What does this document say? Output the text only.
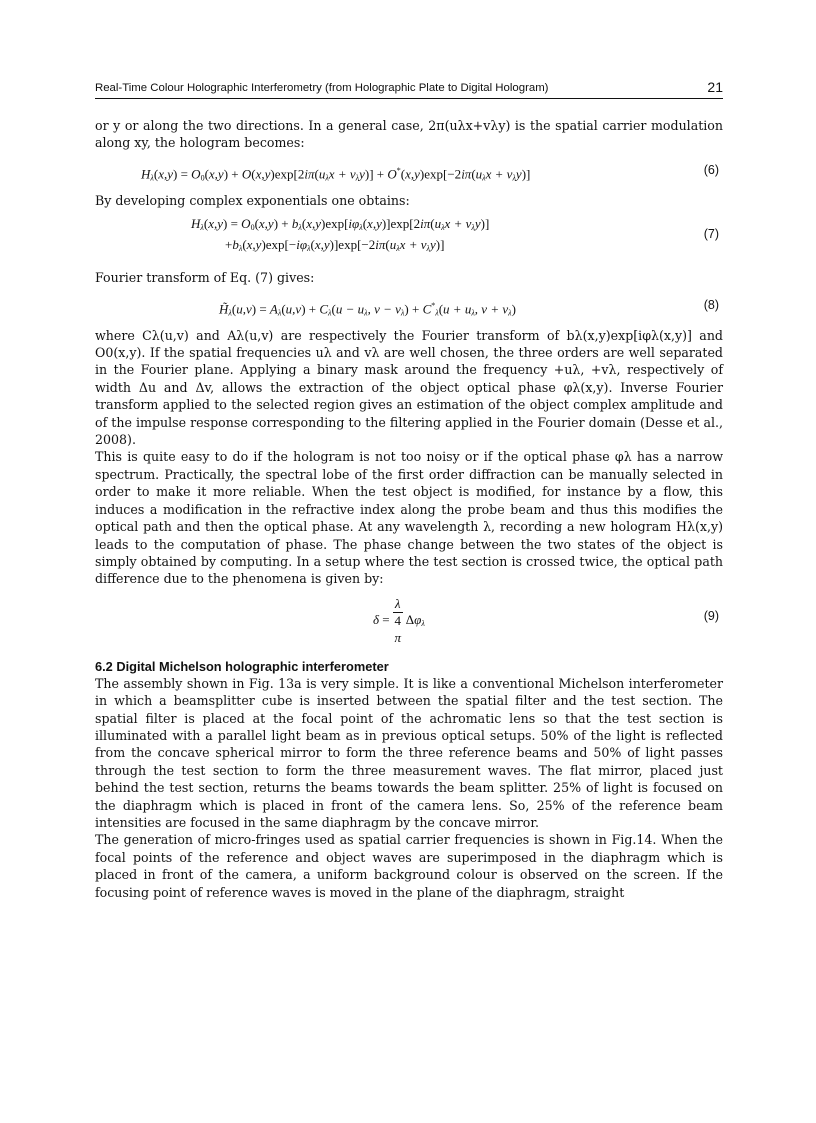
Real-Time Colour Holographic Interferometry (from Holographic Plate to Digital Hologram)	21

or y or along the two directions. In a general case, 2π(uλx+vλy) is the spatial carrier modulation along xy, the hologram becomes:

$H_\lambda(x,y) = O_0(x,y) + O(x,y)\exp[2i\pi(u_\lambda x + v_\lambda y)] + O^*(x,y)\exp[-2i\pi(u_\lambda x + v_\lambda y)]$	(6)

By developing complex exponentials one obtains:

$H_\lambda(x,y) = O_0(x,y) + b_\lambda(x,y)\exp[i\varphi_\lambda(x,y)]\exp[2i\pi(u_\lambda x + v_\lambda y)]$
$+b_\lambda(x,y)\exp[-i\varphi_\lambda(x,y)]\exp[-2i\pi(u_\lambda x + v_\lambda y)]$
(7)

Fourier transform of Eq. (7) gives:

$H̃_\lambda(u,v) = A_\lambda(u,v) + C_\lambda(u - u_\lambda$, $v - v_\lambda) + C^*_\lambda(u + u_\lambda$, $v + v_\lambda$)	(8)

where Cλ(u,v) and Aλ(u,v) are respectively the Fourier transform of bλ(x,y)exp[iφλ(x,y)] and O0(x,y). If the spatial frequencies uλ and vλ are well chosen, the three orders are well separated in the Fourier plane. Applying a binary mask around the frequency +uλ, +vλ, respectively of width Δu and Δv, allows the extraction of the object optical phase φλ(x,y). Inverse Fourier transform applied to the selected region gives an estimation of the object complex amplitude and of the impulse response corresponding to the filtering applied in the Fourier domain (Desse et al., 2008).

This is quite easy to do if the hologram is not too noisy or if the optical phase φλ has a narrow spectrum. Practically, the spectral lobe of the first order diffraction can be manually selected in order to make it more reliable. When the test object is modified, for instance by a flow, this induces a modification in the refractive index along the probe beam and thus this modifies the optical path and then the optical phase. At any wavelength λ, recording a new hologram Hλ(x,y) leads to the computation of phase. The phase change between the two states of the object is simply obtained by computing. In a setup where the test section is crossed twice, the optical path difference due to the phenomena is given by:

δ =
λ
4
π $\Delta\varphi_\lambda$
(9)
6.2 Digital Michelson holographic interferometer

The assembly shown in Fig. 13a is very simple. It is like a conventional Michelson interferometer in which a beamsplitter cube is inserted between the spatial filter and the test section. The spatial filter is placed at the focal point of the achromatic lens so that the test section is illuminated with a parallel light beam as in previous optical setups. 50% of the light is reflected from the concave spherical mirror to form the three reference beams and 50% of light passes through the test section to form the three measurement waves. The flat mirror, placed just behind the test section, returns the beams towards the beam splitter. 25% of light is focused on the diaphragm which is placed in front of the camera lens. So, 25% of the reference beam intensities are focused in the same diaphragm by the concave mirror.

The generation of micro-fringes used as spatial carrier frequencies is shown in Fig.14. When the focal points of the reference and object waves are superimposed in the diaphragm which is placed in front of the camera, a uniform background colour is observed on the screen. If the focusing point of reference waves is moved in the plane of the diaphragm, straight
